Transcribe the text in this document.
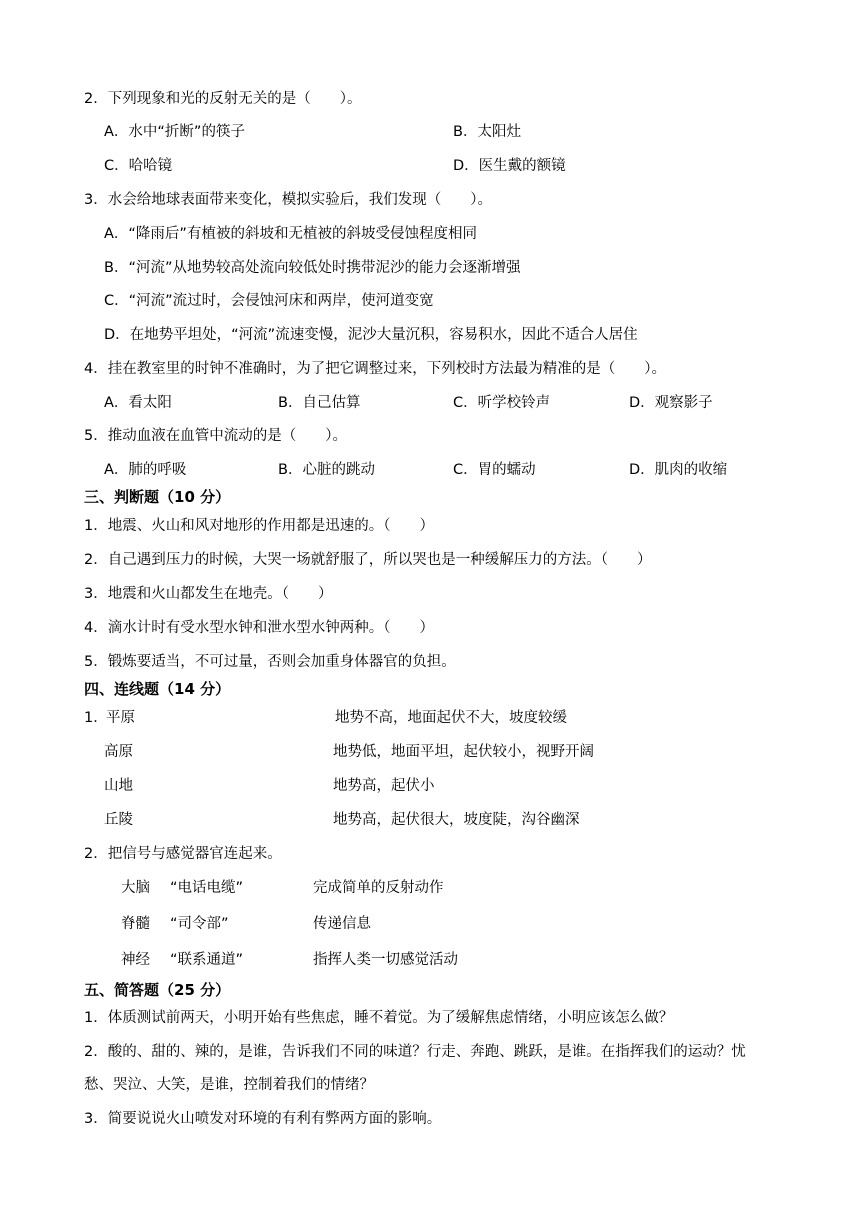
2．下列现象和光的反射无关的是（　　）。
A．水中“折断”的筷子	B．太阳灶
C．哈哈镜	D．医生戴的额镜
3．水会给地球表面带来变化，模拟实验后，我们发现（　　）。
A．“降雨后”有植被的斜坡和无植被的斜坡受侵蚀程度相同
B．“河流”从地势较高处流向较低处时携带泥沙的能力会逐渐增强
C．“河流”流过时，会侵蚀河床和两岸，使河道变宽
D．在地势平坦处，“河流”流速变慢，泥沙大量沉积，容易积水，因此不适合人居住
4．挂在教室里的时钟不准确时，为了把它调整过来，下列校时方法最为精准的是（　　）。
A．看太阳	B．自己估算	C．听学校铃声	D．观察影子
5．推动血液在血管中流动的是（　　）。
A．肺的呼吸	B．心脏的跳动	C．胃的蠕动	D．肌肉的收缩
三、判断题（10 分）
1．地震、火山和风对地形的作用都是迅速的。（　　）
2．自己遇到压力的时候，大哭一场就舒服了，所以哭也是一种缓解压力的方法。（　　）
3．地震和火山都发生在地壳。（　　）
4．滴水计时有受水型水钟和泄水型水钟两种。（　　）
5．锻炼要适当，不可过量，否则会加重身体器官的负担。
四、连线题（14 分）
1．
平原	地势不高，地面起伏不大，坡度较缓
高原	地势低，地面平坦，起伏较小，视野开阔
山地	地势高，起伏小
丘陵	地势高，起伏很大，坡度陡，沟谷幽深
2．把信号与感觉器官连起来。
大脑 “电话电缆”	完成简单的反射动作
脊髓 “司令部”	传递信息
神经 “联系通道”	指挥人类一切感觉活动
五、简答题（25 分）
1．体质测试前两天，小明开始有些焦虑，睡不着觉。为了缓解焦虑情绪，小明应该怎么做？
2．酸的、甜的、辣的，是谁，告诉我们不同的味道？行走、奔跑、跳跃，是谁。在指挥我们的运动？忧
愁、哭泣、大笑，是谁，控制着我们的情绪？
3．简要说说火山喷发对环境的有利有弊两方面的影响。
